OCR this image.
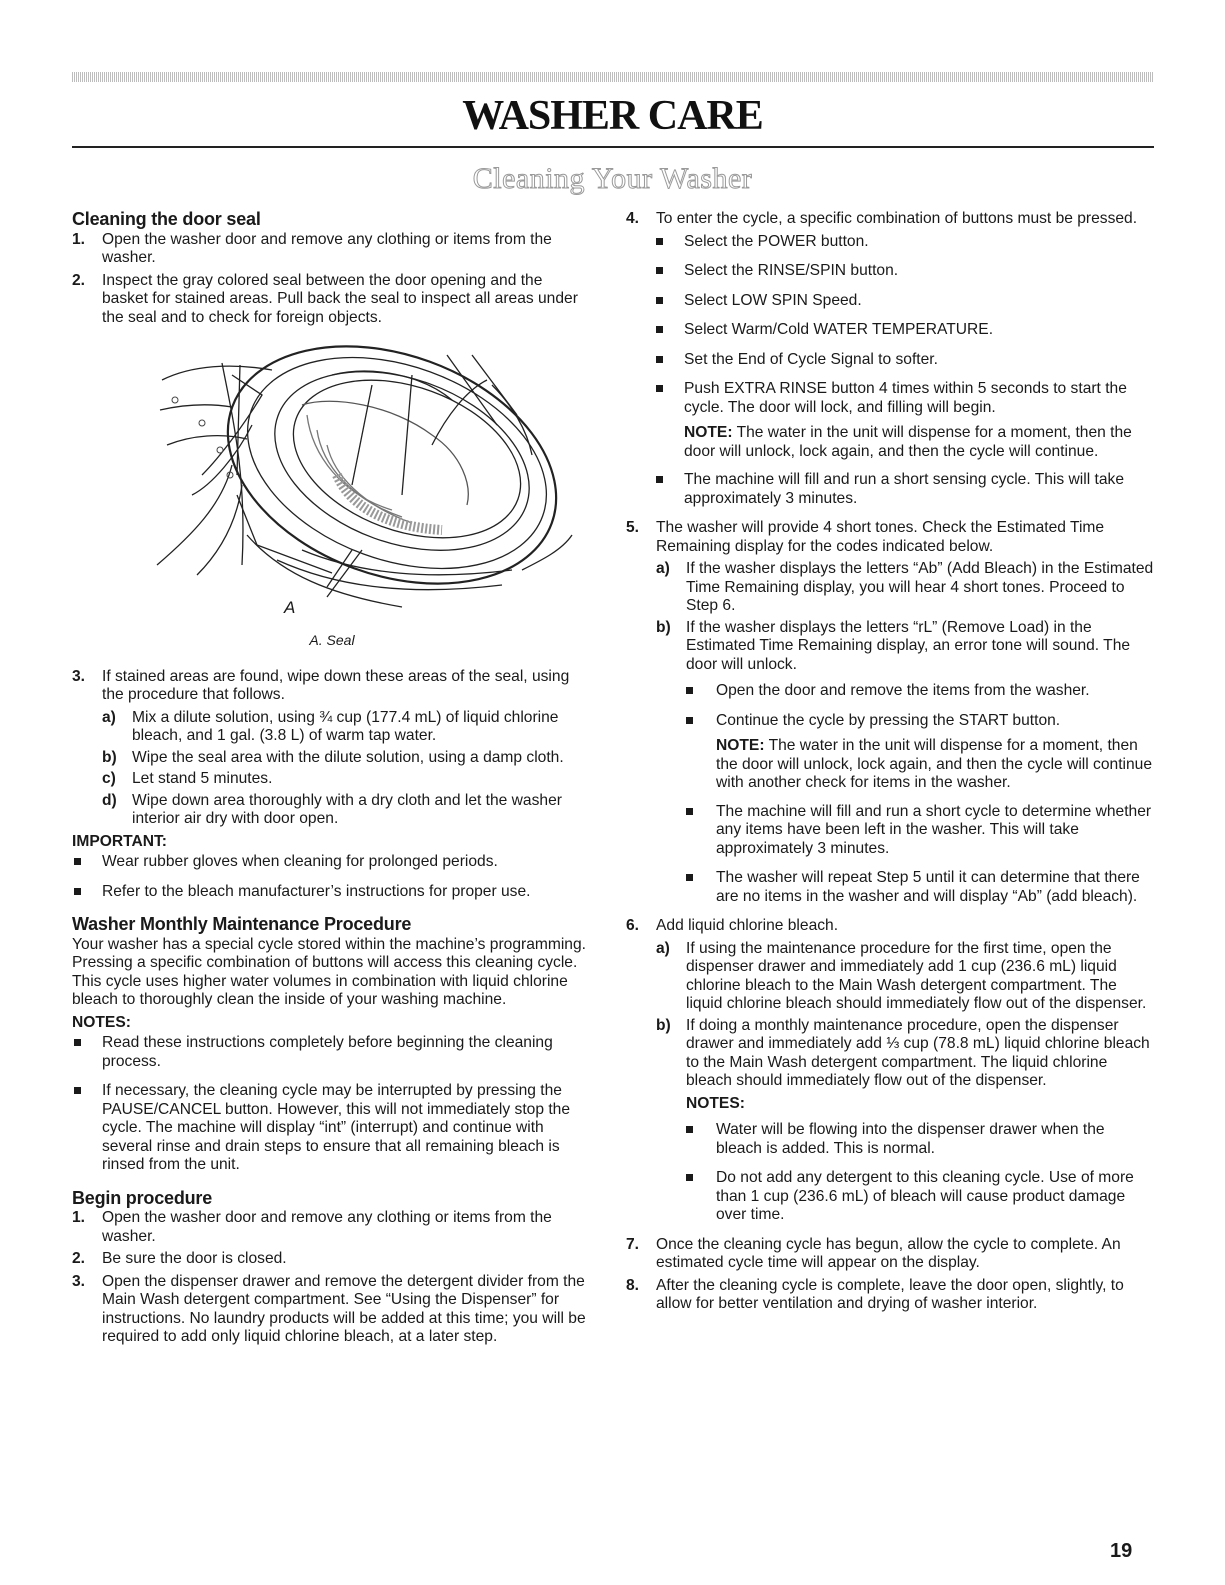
WASHER CARE
Cleaning Your Washer
Cleaning the door seal
1. Open the washer door and remove any clothing or items from the washer.
2. Inspect the gray colored seal between the door opening and the basket for stained areas. Pull back the seal to inspect all areas under the seal and to check for foreign objects.
A
A. Seal
3. If stained areas are found, wipe down these areas of the seal, using the procedure that follows.
a) Mix a dilute solution, using ¾ cup (177.4 mL) of liquid chlorine bleach, and 1 gal. (3.8 L) of warm tap water.
b) Wipe the seal area with the dilute solution, using a damp cloth.
c) Let stand 5 minutes.
d) Wipe down area thoroughly with a dry cloth and let the washer interior air dry with door open.
IMPORTANT:
Wear rubber gloves when cleaning for prolonged periods.
Refer to the bleach manufacturer’s instructions for proper use.
Washer Monthly Maintenance Procedure

Your washer has a special cycle stored within the machine’s programming. Pressing a specific combination of buttons will access this cleaning cycle. This cycle uses higher water volumes in combination with liquid chlorine bleach to thoroughly clean the inside of your washing machine.

NOTES:
Read these instructions completely before beginning the cleaning process.
If necessary, the cleaning cycle may be interrupted by pressing the PAUSE/CANCEL button. However, this will not immediately stop the cycle. The machine will display “int” (interrupt) and continue with several rinse and drain steps to ensure that all remaining bleach is rinsed from the unit.
Begin procedure
1. Open the washer door and remove any clothing or items from the washer.
2. Be sure the door is closed.
3. Open the dispenser drawer and remove the detergent divider from the Main Wash detergent compartment. See “Using the Dispenser” for instructions. No laundry products will be added at this time; you will be required to add only liquid chlorine bleach, at a later step.
4. To enter the cycle, a specific combination of buttons must be pressed.
Select the POWER button.
Select the RINSE/SPIN button.
Select LOW SPIN Speed.
Select Warm/Cold WATER TEMPERATURE.
Set the End of Cycle Signal to softer.
Push EXTRA RINSE button 4 times within 5 seconds to start the cycle. The door will lock, and filling will begin.
NOTE: The water in the unit will dispense for a moment, then the door will unlock, lock again, and then the cycle will continue.
The machine will fill and run a short sensing cycle. This will take approximately 3 minutes.
5. The washer will provide 4 short tones. Check the Estimated Time Remaining display for the codes indicated below.
a) If the washer displays the letters “Ab” (Add Bleach) in the Estimated Time Remaining display, you will hear 4 short tones. Proceed to Step 6.
b) If the washer displays the letters “rL” (Remove Load) in the Estimated Time Remaining display, an error tone will sound. The door will unlock.
Open the door and remove the items from the washer.
Continue the cycle by pressing the START button.
NOTE: The water in the unit will dispense for a moment, then the door will unlock, lock again, and then the cycle will continue with another check for items in the washer.
The machine will fill and run a short cycle to determine whether any items have been left in the washer. This will take approximately 3 minutes.
The washer will repeat Step 5 until it can determine that there are no items in the washer and will display “Ab” (add bleach).
6. Add liquid chlorine bleach.
a) If using the maintenance procedure for the first time, open the dispenser drawer and immediately add 1 cup (236.6 mL) liquid chlorine bleach to the Main Wash detergent compartment. The liquid chlorine bleach should immediately flow out of the dispenser.
b) If doing a monthly maintenance procedure, open the dispenser drawer and immediately add ⅓ cup (78.8 mL) liquid chlorine bleach to the Main Wash detergent compartment. The liquid chlorine bleach should immediately flow out of the dispenser.
NOTES:
Water will be flowing into the dispenser drawer when the bleach is added. This is normal.
Do not add any detergent to this cleaning cycle. Use of more than 1 cup (236.6 mL) of bleach will cause product damage over time.
7. Once the cleaning cycle has begun, allow the cycle to complete. An estimated cycle time will appear on the display.
8. After the cleaning cycle is complete, leave the door open, slightly, to allow for better ventilation and drying of washer interior.
19
